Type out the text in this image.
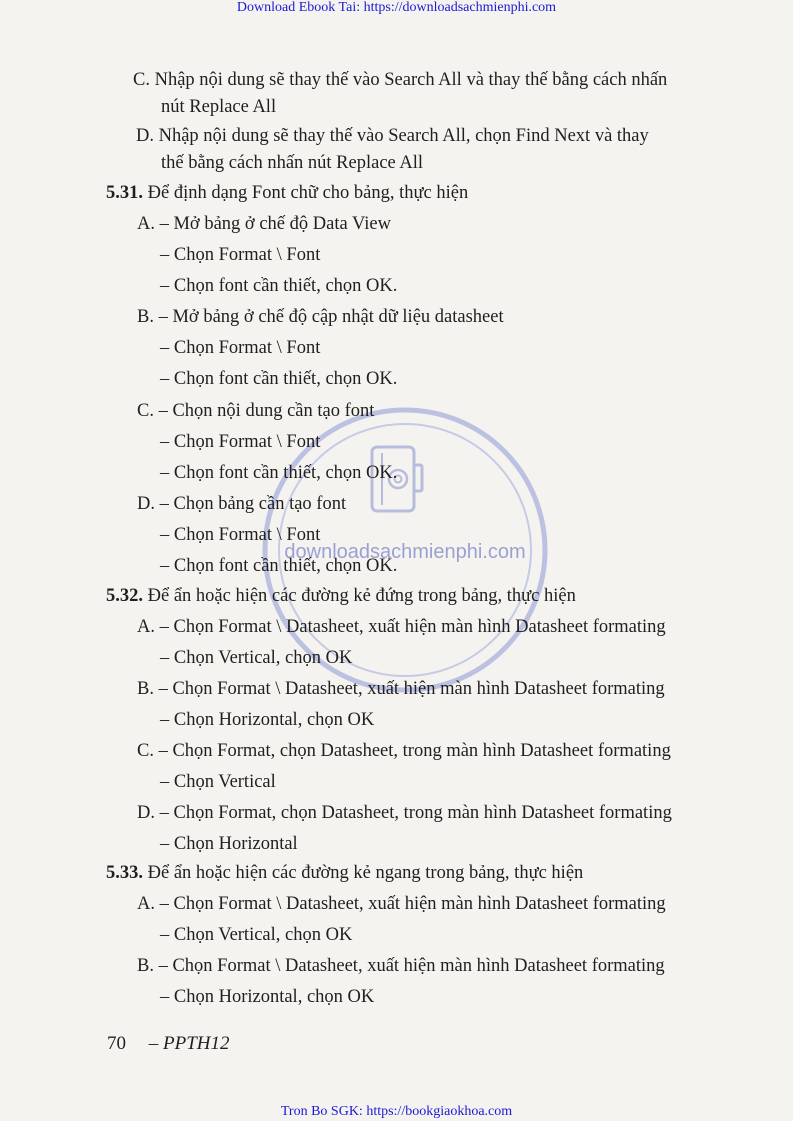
Download Ebook Tai: https://downloadsachmienphi.com
downloadsachmienphi.com
C. Nhập nội dung sẽ thay thế vào Search All và thay thế bằng cách nhấn
nút Replace All
D. Nhập nội dung sẽ thay thế vào Search All, chọn Find Next và thay
thế bằng cách nhấn nút Replace All
5.31. Để định dạng Font chữ cho bảng, thực hiện
A. – Mở bảng ở chế độ Data View
– Chọn Format \ Font
– Chọn font cần thiết, chọn OK.
B. – Mở bảng ở chế độ cập nhật dữ liệu datasheet
– Chọn Format \ Font
– Chọn font cần thiết, chọn OK.
C. – Chọn nội dung cần tạo font
– Chọn Format \ Font
– Chọn font cần thiết, chọn OK.
D. – Chọn bảng cần tạo font
– Chọn Format \ Font
– Chọn font cần thiết, chọn OK.
5.32. Để ẩn hoặc hiện các đường kẻ đứng trong bảng, thực hiện
A. – Chọn Format \ Datasheet, xuất hiện màn hình Datasheet formating
– Chọn Vertical, chọn OK
B. – Chọn Format \ Datasheet, xuất hiện màn hình Datasheet formating
– Chọn Horizontal, chọn OK
C. – Chọn Format, chọn Datasheet, trong màn hình Datasheet formating
– Chọn Vertical
D. – Chọn Format, chọn Datasheet, trong màn hình Datasheet formating
– Chọn Horizontal
5.33. Để ẩn hoặc hiện các đường kẻ ngang trong bảng, thực hiện
A. – Chọn Format \ Datasheet, xuất hiện màn hình Datasheet formating
– Chọn Vertical, chọn OK
B. – Chọn Format \ Datasheet, xuất hiện màn hình Datasheet formating
– Chọn Horizontal, chọn OK
70 – PPTH12
Tron Bo SGK: https://bookgiaokhoa.com
